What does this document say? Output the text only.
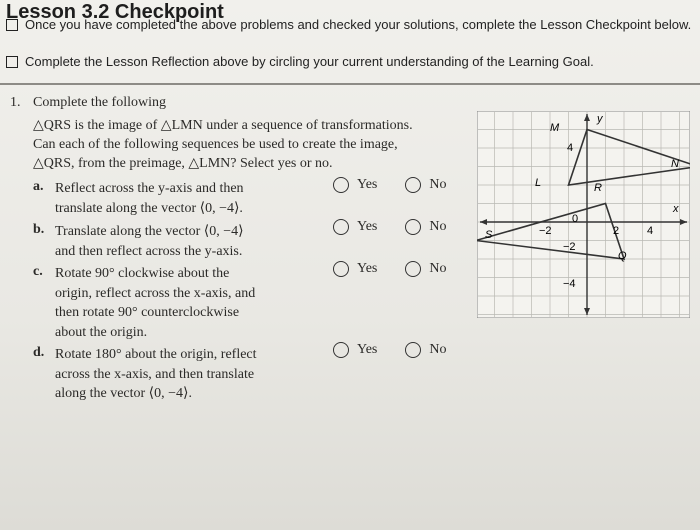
Lesson 3.2 Checkpoint
Once you have completed the above problems and checked your solutions, complete the Lesson Checkpoint below.
Complete the Lesson Reflection above by circling your current understanding of the Learning Goal.
1. Complete the following
△QRS is the image of △LMN under a sequence of transformations.
Can each of the following sequences be used to create the image,
△QRS, from the preimage, △LMN? Select yes or no.
a. Reflect across the y-axis and then
translate along the vector ⟨0, −4⟩.
Yes	No
b. Translate along the vector ⟨0, −4⟩
and then reflect across the y-axis.
Yes	No
c. Rotate 90° clockwise about the
origin, reflect across the x-axis, and
then rotate 90° counterclockwise
about the origin.
Yes	No
d. Rotate 180° about the origin, reflect
across the x-axis, and then translate
along the vector ⟨0, −4⟩.
Yes	No
y
x
−2
0
2	4
4
−2
−4
M
N
L	R
S
Q
